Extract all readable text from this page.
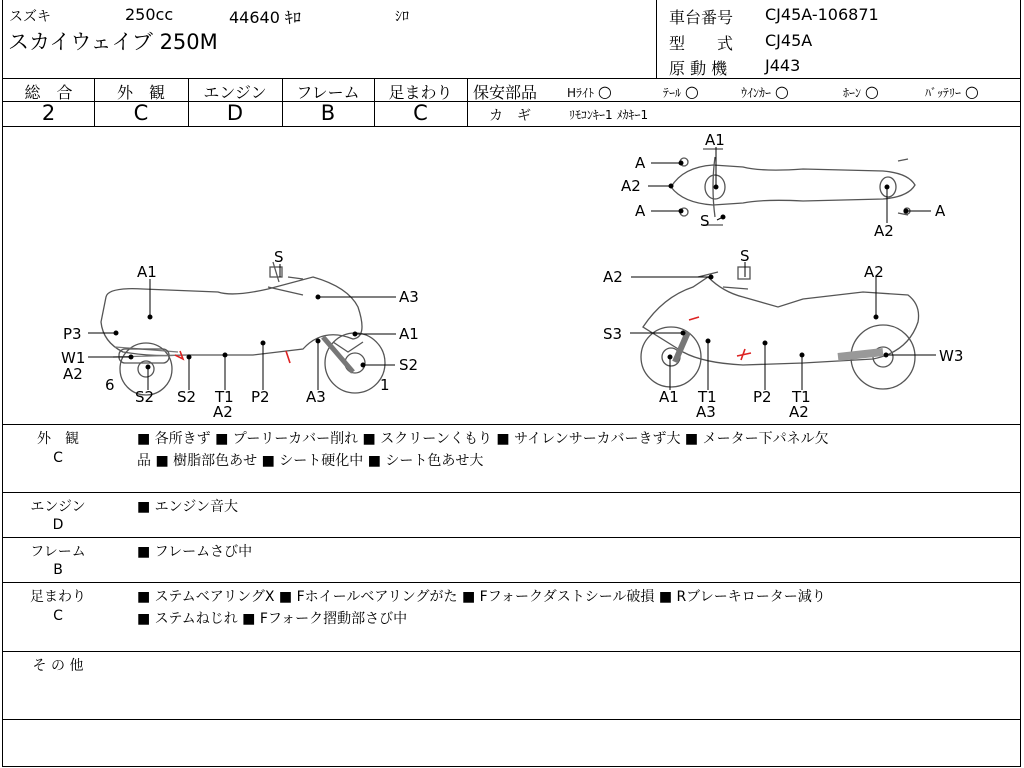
スズキ	250cc	44640 ｷﾛ	ｼﾛ
スカイウェイブ 250M
車台番号 CJ45A-106871
型　　式 CJ45A
原 動 機 J443
総　合	外　観	エンジン	フレーム	足まわり
2	C	D	B	C
保安部品 Hﾗｲﾄ ○	ﾃｰﾙ ○	ｳｲﾝｶｰ ○	ﾎｰﾝ ○	ﾊﾞｯﾃﾘｰ ○
カ　ギ	ﾘﾓｺﾝｷｰ1 ﾒｶｷｰ1
A1
A
A2
A
S
A
A2
S
A1
A3
P3	A1
W1
A2	S2
6	1
S2 S2 T1
A2
P2 A3
S
A2	A2
S3
W3
A1 T1
A3
P2 T1
A2
外　観
C
■ 各所きず ■ プーリーカバー削れ ■ スクリーンくもり ■ サイレンサーカバーきず大 ■ メーター下パネル欠
品 ■ 樹脂部色あせ ■ シート硬化中 ■ シート色あせ大
エンジン
D
■ エンジン音大
フレーム
B
■ フレームさび中
足まわり
C
■ ステムベアリングX ■ Fホイールベアリングがた ■ Fフォークダストシール破損 ■ Rブレーキローター減り
■ ステムねじれ ■ Fフォーク摺動部さび中
そ の 他
